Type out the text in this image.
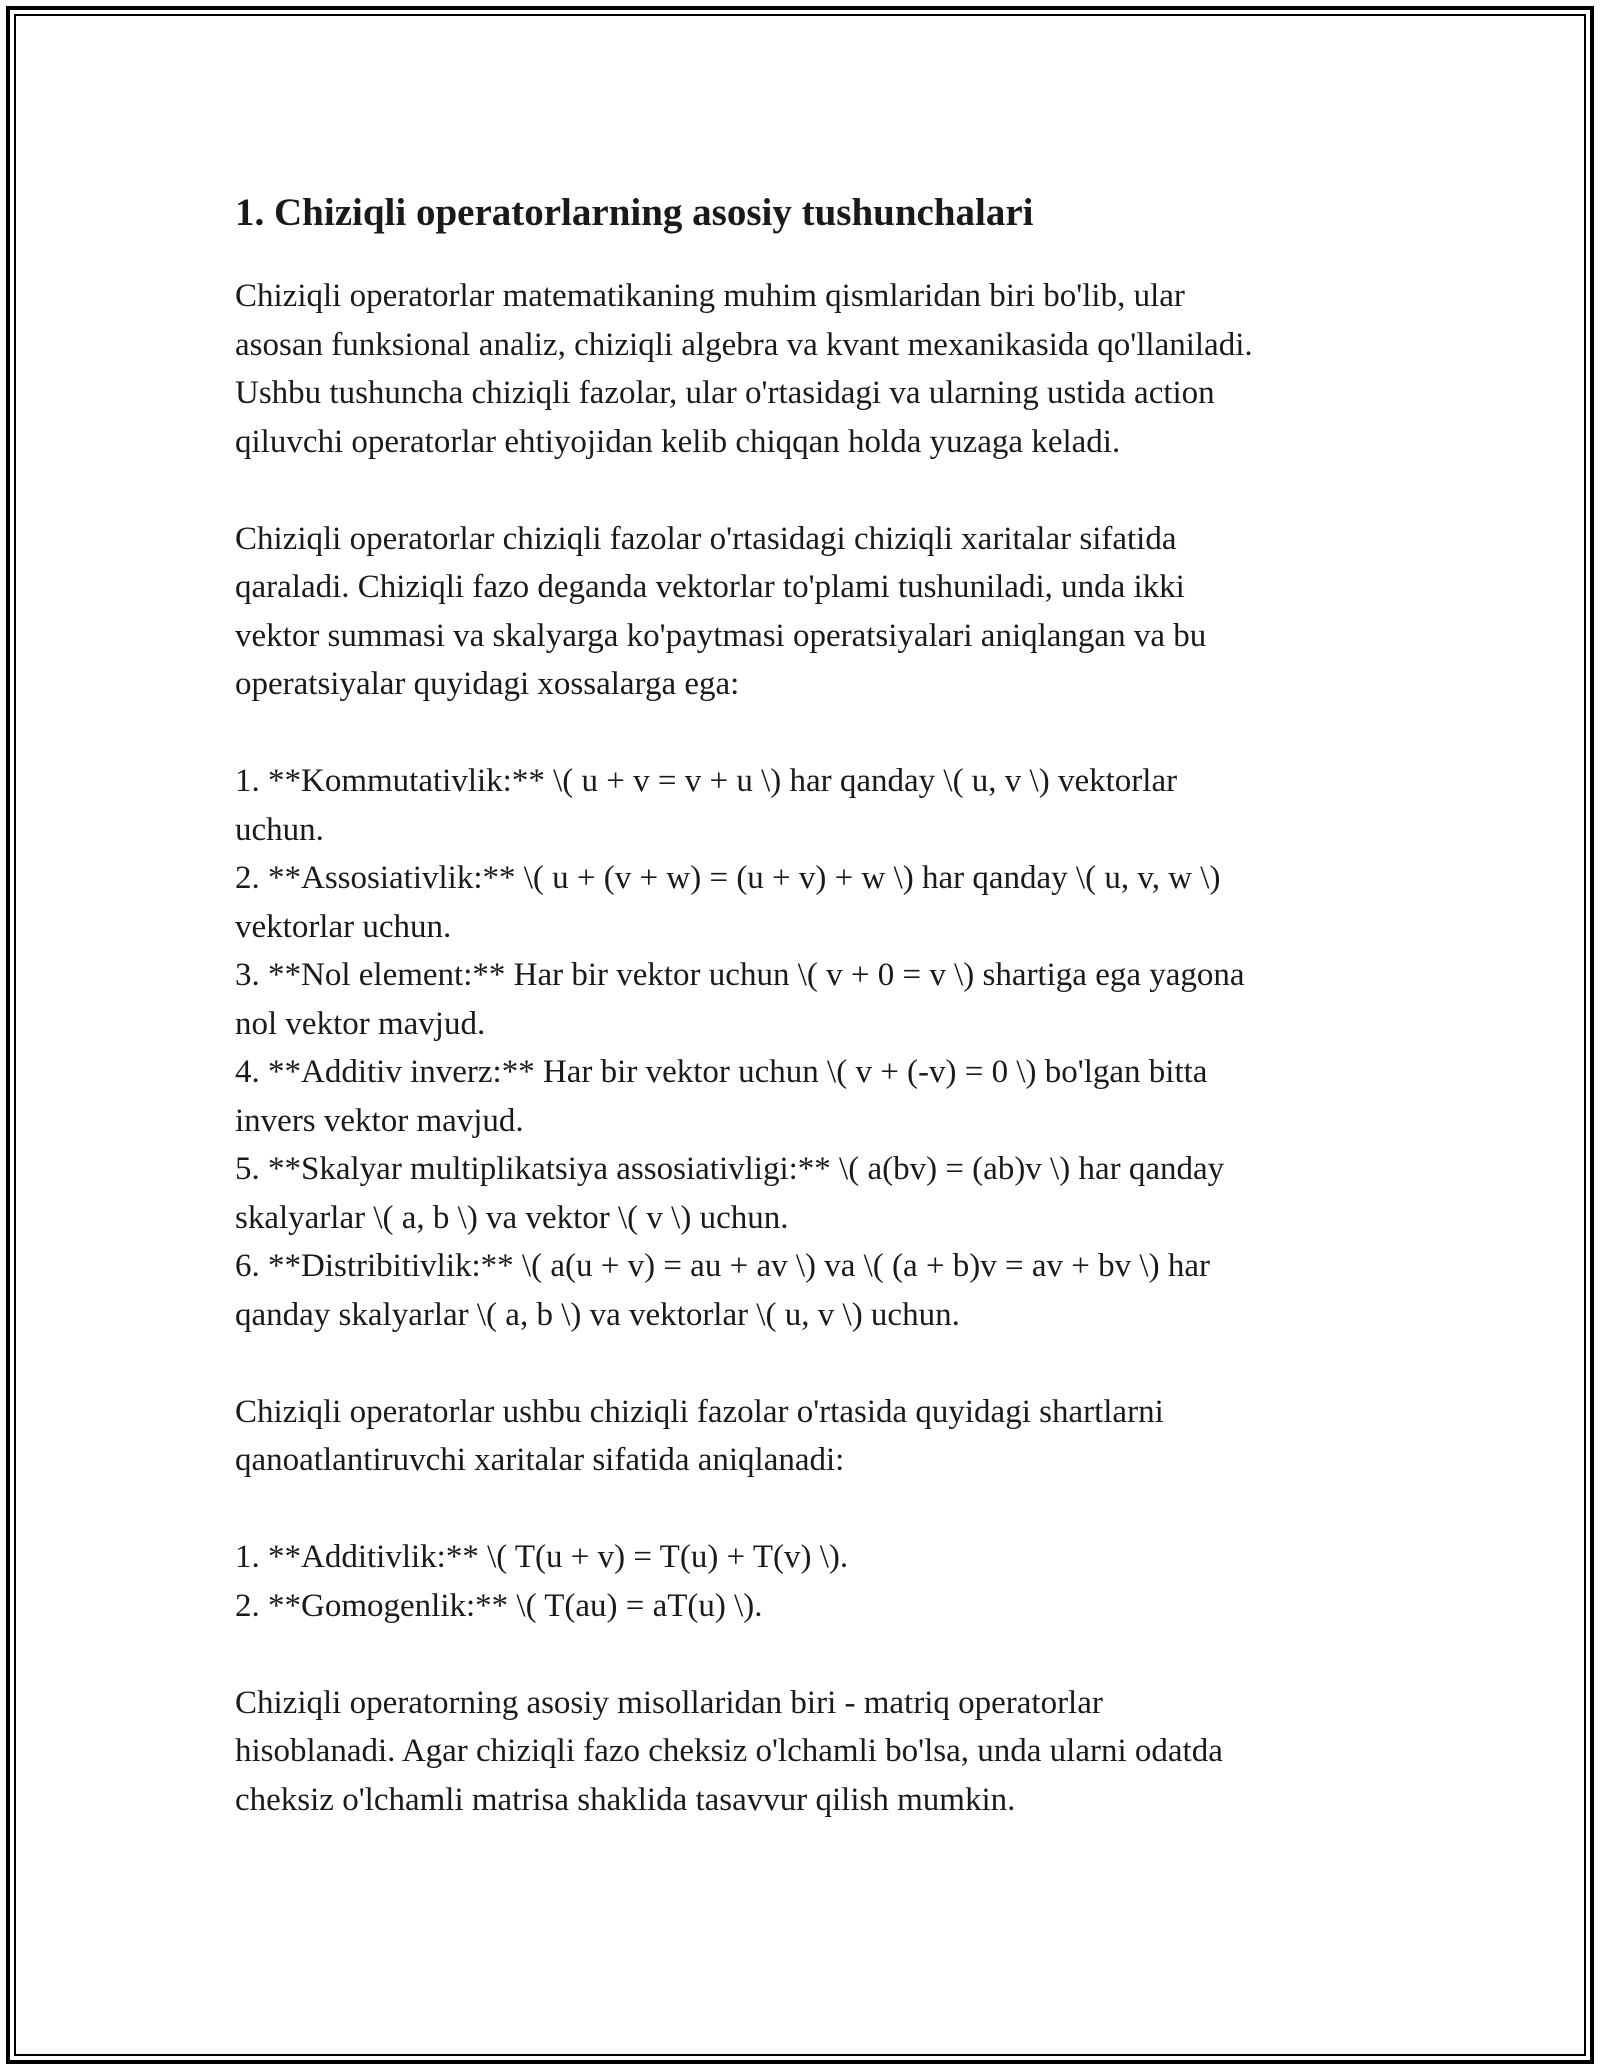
1. Chiziqli operatorlarning asosiy tushunchalari

Chiziqli operatorlar matematikaning muhim qismlaridan biri bo'lib, ular
asosan funksional analiz, chiziqli algebra va kvant mexanikasida qo'llaniladi.
Ushbu tushuncha chiziqli fazolar, ular o'rtasidagi va ularning ustida action
qiluvchi operatorlar ehtiyojidan kelib chiqqan holda yuzaga keladi.

Chiziqli operatorlar chiziqli fazolar o'rtasidagi chiziqli xaritalar sifatida
qaraladi. Chiziqli fazo deganda vektorlar to'plami tushuniladi, unda ikki
vektor summasi va skalyarga ko'paytmasi operatsiyalari aniqlangan va bu
operatsiyalar quyidagi xossalarga ega:

1. **Kommutativlik:** \( u + v = v + u \) har qanday \( u, v \) vektorlar
uchun.
2. **Assosiativlik:** \( u + (v + w) = (u + v) + w \) har qanday \( u, v, w \)
vektorlar uchun.
3. **Nol element:** Har bir vektor uchun \( v + 0 = v \) shartiga ega yagona
nol vektor mavjud.
4. **Additiv inverz:** Har bir vektor uchun \( v + (-v) = 0 \) bo'lgan bitta
invers vektor mavjud.
5. **Skalyar multiplikatsiya assosiativligi:** \( a(bv) = (ab)v \) har qanday
skalyarlar \( a, b \) va vektor \( v \) uchun.
6. **Distribitivlik:** \( a(u + v) = au + av \) va \( (a + b)v = av + bv \) har
qanday skalyarlar \( a, b \) va vektorlar \( u, v \) uchun.

Chiziqli operatorlar ushbu chiziqli fazolar o'rtasida quyidagi shartlarni
qanoatlantiruvchi xaritalar sifatida aniqlanadi:

1. **Additivlik:** \( T(u + v) = T(u) + T(v) \).
2. **Gomogenlik:** \( T(au) = aT(u) \).

Chiziqli operatorning asosiy misollaridan biri - matriq operatorlar
hisoblanadi. Agar chiziqli fazo cheksiz o'lchamli bo'lsa, unda ularni odatda
cheksiz o'lchamli matrisa shaklida tasavvur qilish mumkin.
